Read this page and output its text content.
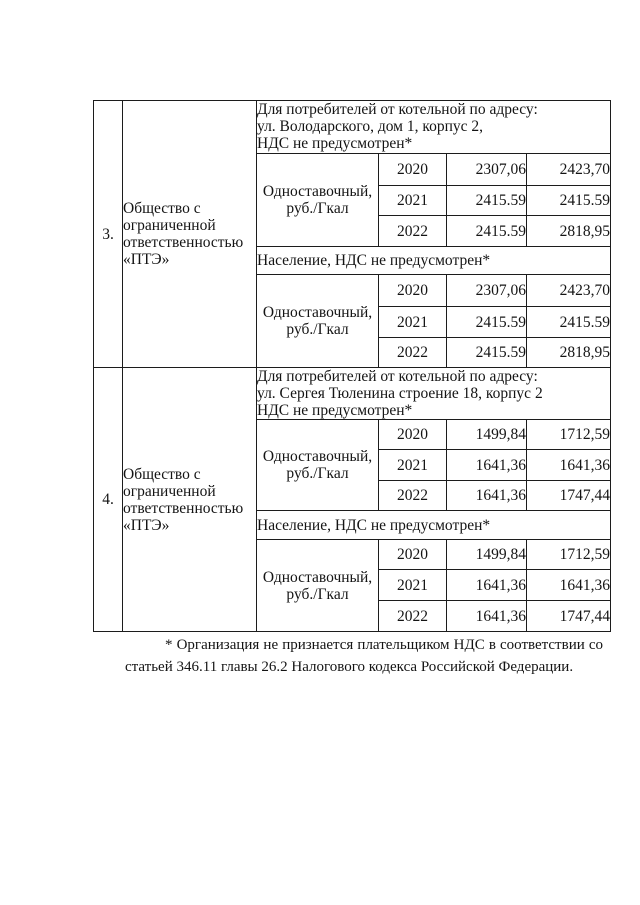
3.	Общество с
ограниченной
ответственностью
«ПТЭ»	Для потребителей от котельной по адресу:
ул. Володарского, дом 1, корпус 2,
НДС не предусмотрен*			
		Одноставочный,
руб./Гкал	2020	2307,06	2423,70
			2021	2415.59	2415.59
			2022	2415.59	2818,95
		Население, НДС не предусмотрен*			
		Одноставочный,
руб./Гкал	2020	2307,06	2423,70
			2021	2415.59	2415.59
			2022	2415.59	2818,95
4.	Общество с
ограниченной
ответственностью
«ПТЭ»	Для потребителей от котельной по адресу:
ул. Сергея Тюленина строение 18, корпус 2
НДС не предусмотрен*			
		Одноставочный,
руб./Гкал	2020	1499,84	1712,59
			2021	1641,36	1641,36
			2022	1641,36	1747,44
		Население, НДС не предусмотрен*			
		Одноставочный,
руб./Гкал	2020	1499,84	1712,59
			2021	1641,36	1641,36
			2022	1641,36	1747,44

* Организация не признается плательщиком НДС в соответствии со статьей 346.11 главы 26.2 Налогового кодекса Российской Федерации.
